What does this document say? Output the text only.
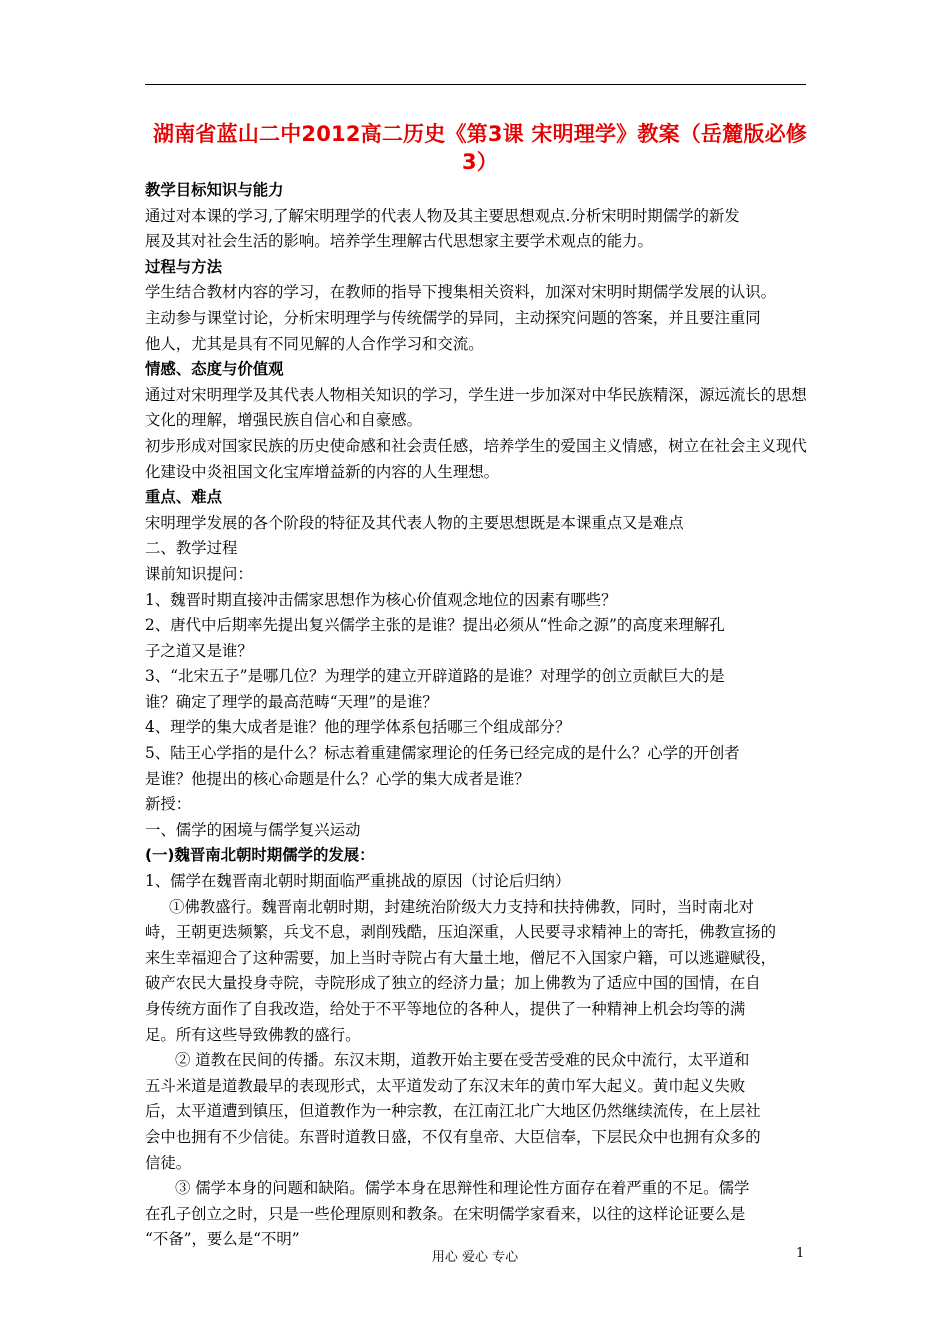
湖南省蓝山二中2012高二历史《第3课 宋明理学》教案（岳麓版必修
3）
教学目标知识与能力
通过对本课的学习,了解宋明理学的代表人物及其主要思想观点.分析宋明时期儒学的新发
展及其对社会生活的影响。培养学生理解古代思想家主要学术观点的能力。
过程与方法
学生结合教材内容的学习，在教师的指导下搜集相关资料，加深对宋明时期儒学发展的认识。
主动参与课堂讨论，分析宋明理学与传统儒学的异同，主动探究问题的答案，并且要注重同
他人，尤其是具有不同见解的人合作学习和交流。
情感、态度与价值观
通过对宋明理学及其代表人物相关知识的学习，学生进一步加深对中华民族精深，源远流长的思想
文化的理解，增强民族自信心和自豪感。
初步形成对国家民族的历史使命感和社会责任感，培养学生的爱国主义情感，树立在社会主义现代
化建设中炎祖国文化宝库增益新的内容的人生理想。
重点、难点
宋明理学发展的各个阶段的特征及其代表人物的主要思想既是本课重点又是难点
二、教学过程
课前知识提问：
1、魏晋时期直接冲击儒家思想作为核心价值观念地位的因素有哪些？
2、唐代中后期率先提出复兴儒学主张的是谁？提出必须从“性命之源”的高度来理解孔
子之道又是谁？
3、“北宋五子”是哪几位？为理学的建立开辟道路的是谁？对理学的创立贡献巨大的是
谁？确定了理学的最高范畴“天理”的是谁？
4、理学的集大成者是谁？他的理学体系包括哪三个组成部分？
5、陆王心学指的是什么？标志着重建儒家理论的任务已经完成的是什么？心学的开创者
是谁？他提出的核心命题是什么？心学的集大成者是谁？
新授：
一、儒学的困境与儒学复兴运动
(一)魏晋南北朝时期儒学的发展：
1、儒学在魏晋南北朝时期面临严重挑战的原因（讨论后归纳）
①佛教盛行。魏晋南北朝时期，封建统治阶级大力支持和扶持佛教，同时，当时南北对
峙，王朝更迭频繁，兵戈不息，剥削残酷，压迫深重，人民要寻求精神上的寄托，佛教宣扬的
来生幸福迎合了这种需要，加上当时寺院占有大量土地，僧尼不入国家户籍，可以逃避赋役，
破产农民大量投身寺院，寺院形成了独立的经济力量；加上佛教为了适应中国的国情，在自
身传统方面作了自我改造，给处于不平等地位的各种人，提供了一种精神上机会均等的满
足。所有这些导致佛教的盛行。
② 道教在民间的传播。东汉末期，道教开始主要在受苦受难的民众中流行，太平道和
五斗米道是道教最早的表现形式，太平道发动了东汉末年的黄巾军大起义。黄巾起义失败
后，太平道遭到镇压，但道教作为一种宗教，在江南江北广大地区仍然继续流传，在上层社
会中也拥有不少信徒。东晋时道教日盛，不仅有皇帝、大臣信奉，下层民众中也拥有众多的
信徒。
③ 儒学本身的问题和缺陷。儒学本身在思辩性和理论性方面存在着严重的不足。儒学
在孔子创立之时，只是一些伦理原则和教条。在宋明儒学家看来，以往的这样论证要么是
“不备”，要么是“不明”
用心 爱心 专心	1
